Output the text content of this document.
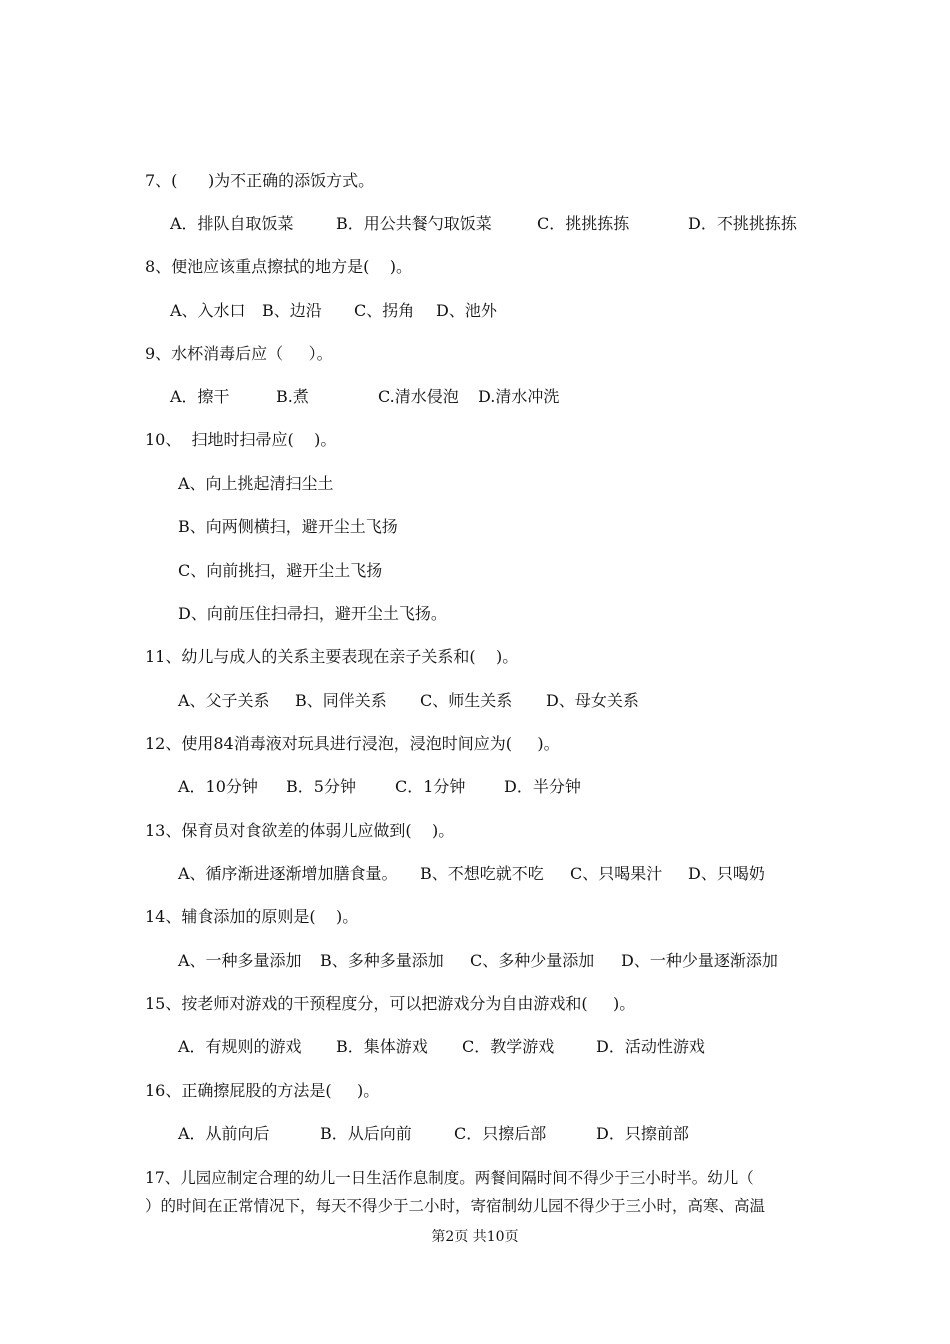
7、(      )为不正确的添饭方式。
A．排队自取饭菜	B．用公共餐勺取饭菜	C．挑挑拣拣	D．不挑挑拣拣
8、便池应该重点擦拭的地方是(    )。
A、入水口 B、边沿 C、拐角 D、池外
9、水杯消毒后应（     ）。
A．擦干	B.煮	C.清水侵泡 D.清水冲洗
10、  扫地时扫帚应(    )。
A、向上挑起清扫尘土
B、向两侧横扫，避开尘土飞扬
C、向前挑扫，避开尘土飞扬
D、向前压住扫帚扫，避开尘土飞扬。
11、幼儿与成人的关系主要表现在亲子关系和(    )。
A、父子关系 B、同伴关系 C、师生关系 D、母女关系
12、使用84消毒液对玩具进行浸泡，浸泡时间应为(     )。
A．10分钟 B．5分钟 C．1分钟 D．半分钟
13、保育员对食欲差的体弱儿应做到(    )。
A、循序渐进逐渐增加膳食量。 B、不想吃就不吃 C、只喝果汁 D、只喝奶
14、辅食添加的原则是(    )。
A、一种多量添加 B、多种多量添加 C、多种少量添加 D、一种少量逐渐添加
15、按老师对游戏的干预程度分，可以把游戏分为自由游戏和(     )。
A．有规则的游戏 B．集体游戏 C．教学游戏	D．活动性游戏
16、正确擦屁股的方法是(     )。
A．从前向后	B．从后向前	C．只擦后部	D．只擦前部
17、儿园应制定合理的幼儿一日生活作息制度。两餐间隔时间不得少于三小时半。幼儿（
）的时间在正常情况下，每天不得少于二小时，寄宿制幼儿园不得少于三小时，高寒、高温
第2页 共10页
